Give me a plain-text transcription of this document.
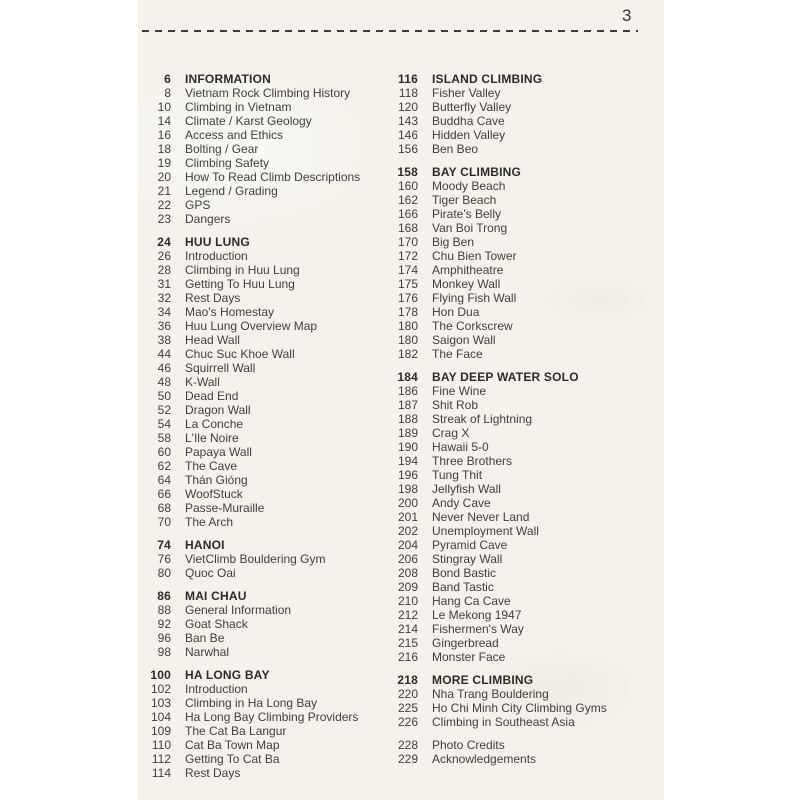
3
6 INFORMATION
8 Vietnam Rock Climbing History
10 Climbing in Vietnam
14 Climate / Karst Geology
16 Access and Ethics
18 Bolting / Gear
19 Climbing Safety
20 How To Read Climb Descriptions
21 Legend / Grading
22 GPS
23 Dangers
24 HUU LUNG
26 Introduction
28 Climbing in Huu Lung
31 Getting To Huu Lung
32 Rest Days
34 Mao's Homestay
36 Huu Lung Overview Map
38 Head Wall
44 Chuc Suc Khoe Wall
46 Squirrell Wall
48 K-Wall
50 Dead End
52 Dragon Wall
54 La Conche
58 L'Ile Noire
60 Papaya Wall
62 The Cave
64 Thán Gióng
66 WoofStuck
68 Passe-Muraille
70 The Arch
74 HANOI
76 VietClimb Bouldering Gym
80 Quoc Oai
86 MAI CHAU
88 General Information
92 Goat Shack
96 Ban Be
98 Narwhal
100 HA LONG BAY
102 Introduction
103 Climbing in Ha Long Bay
104 Ha Long Bay Climbing Providers
109 The Cat Ba Langur
110 Cat Ba Town Map
112 Getting To Cat Ba
114 Rest Days
116 ISLAND CLIMBING
118 Fisher Valley
120 Butterfly Valley
143 Buddha Cave
146 Hidden Valley
156 Ben Beo
158 BAY CLIMBING
160 Moody Beach
162 Tiger Beach
166 Pirate's Belly
168 Van Boi Trong
170 Big Ben
172 Chu Bien Tower
174 Amphitheatre
175 Monkey Wall
176 Flying Fish Wall
178 Hon Dua
180 The Corkscrew
180 Saigon Wall
182 The Face
184 BAY DEEP WATER SOLO
186 Fine Wine
187 Shit Rob
188 Streak of Lightning
189 Crag X
190 Hawaii 5-0
194 Three Brothers
196 Tung Thit
198 Jellyfish Wall
200 Andy Cave
201 Never Never Land
202 Unemployment Wall
204 Pyramid Cave
206 Stingray Wall
208 Bond Bastic
209 Band Tastic
210 Hang Ca Cave
212 Le Mekong 1947
214 Fishermen's Way
215 Gingerbread
216 Monster Face
218 MORE CLIMBING
220 Nha Trang Bouldering
225 Ho Chi Minh City Climbing Gyms
226 Climbing in Southeast Asia
228 Photo Credits
229 Acknowledgements
